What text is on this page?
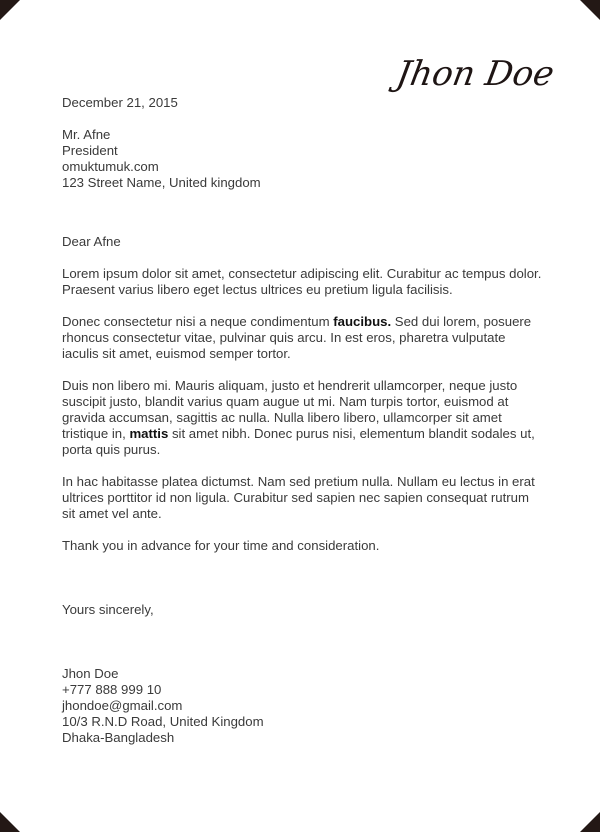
Jhon Doe

December 21, 2015

Mr. Afne

President

omuktumuk.com

123 Street Name, United kingdom

Dear Afne

Lorem ipsum dolor sit amet, consectetur adipiscing elit. Curabitur ac tempus dolor. Praesent varius libero eget lectus ultrices eu pretium ligula facilisis.

Donec consectetur nisi a neque condimentum faucibus. Sed dui lorem, posuere rhoncus consectetur vitae, pulvinar quis arcu. In est eros, pharetra vulputate iaculis sit amet, euismod semper tortor.

Duis non libero mi. Mauris aliquam, justo et hendrerit ullamcorper, neque justo suscipit justo, blandit varius quam augue ut mi. Nam turpis tortor, euismod at gravida accumsan, sagittis ac nulla. Nulla libero libero, ullamcorper sit amet tristique in, mattis sit amet nibh. Donec purus nisi, elementum blandit sodales ut, porta quis purus.

In hac habitasse platea dictumst. Nam sed pretium nulla. Nullam eu lectus in erat ultrices porttitor id non ligula. Curabitur sed sapien nec sapien consequat rutrum sit amet vel ante.

Thank you in advance for your time and consideration.

Yours sincerely,

Jhon Doe

+777 888 999 10

jhondoe@gmail.com

10/3 R.N.D Road, United Kingdom

Dhaka-Bangladesh
